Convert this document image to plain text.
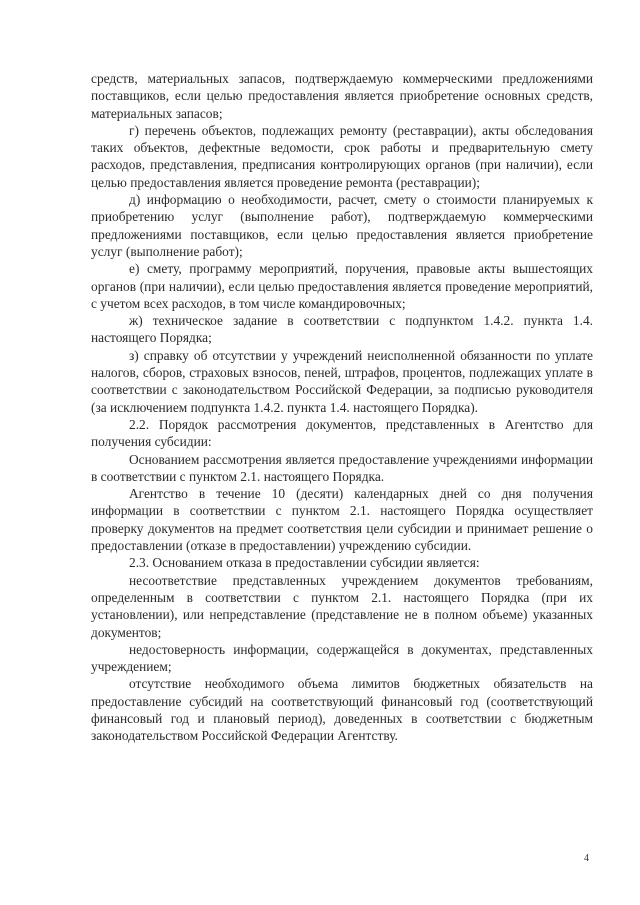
средств, материальных запасов, подтверждаемую коммерческими предложениями поставщиков, если целью предоставления является приобретение основных средств, материальных запасов;

г) перечень объектов, подлежащих ремонту (реставрации), акты обследования таких объектов, дефектные ведомости, срок работы и предварительную смету расходов, представления, предписания контролирующих органов (при наличии), если целью предоставления является проведение ремонта (реставрации);

д) информацию о необходимости, расчет, смету о стоимости планируемых к приобретению услуг (выполнение работ), подтверждаемую коммерческими предложениями поставщиков, если целью предоставления является приобретение услуг (выполнение работ);

е) смету, программу мероприятий, поручения, правовые акты вышестоящих органов (при наличии), если целью предоставления является проведение мероприятий, с учетом всех расходов, в том числе командировочных;

ж) техническое задание в соответствии с подпунктом 1.4.2. пункта 1.4. настоящего Порядка;

з) справку об отсутствии у учреждений неисполненной обязанности по уплате налогов, сборов, страховых взносов, пеней, штрафов, процентов, подлежащих уплате в соответствии с законодательством Российской Федерации, за подписью руководителя (за исключением подпункта 1.4.2. пункта 1.4. настоящего Порядка).

2.2. Порядок рассмотрения документов, представленных в Агентство для получения субсидии:

Основанием рассмотрения является предоставление учреждениями информации в соответствии с пунктом 2.1. настоящего Порядка.

Агентство в течение 10 (десяти) календарных дней со дня получения информации в соответствии с пунктом 2.1. настоящего Порядка осуществляет проверку документов на предмет соответствия цели субсидии и принимает решение о предоставлении (отказе в предоставлении) учреждению субсидии.

2.3. Основанием отказа в предоставлении субсидии является:

несоответствие представленных учреждением документов требованиям, определенным в соответствии с пунктом 2.1. настоящего Порядка (при их установлении), или непредставление (представление не в полном объеме) указанных документов;

недостоверность информации, содержащейся в документах, представленных учреждением;

отсутствие необходимого объема лимитов бюджетных обязательств на предоставление субсидий на соответствующий финансовый год (соответствующий финансовый год и плановый период), доведенных в соответствии с бюджетным законодательством Российской Федерации Агентству.

4
